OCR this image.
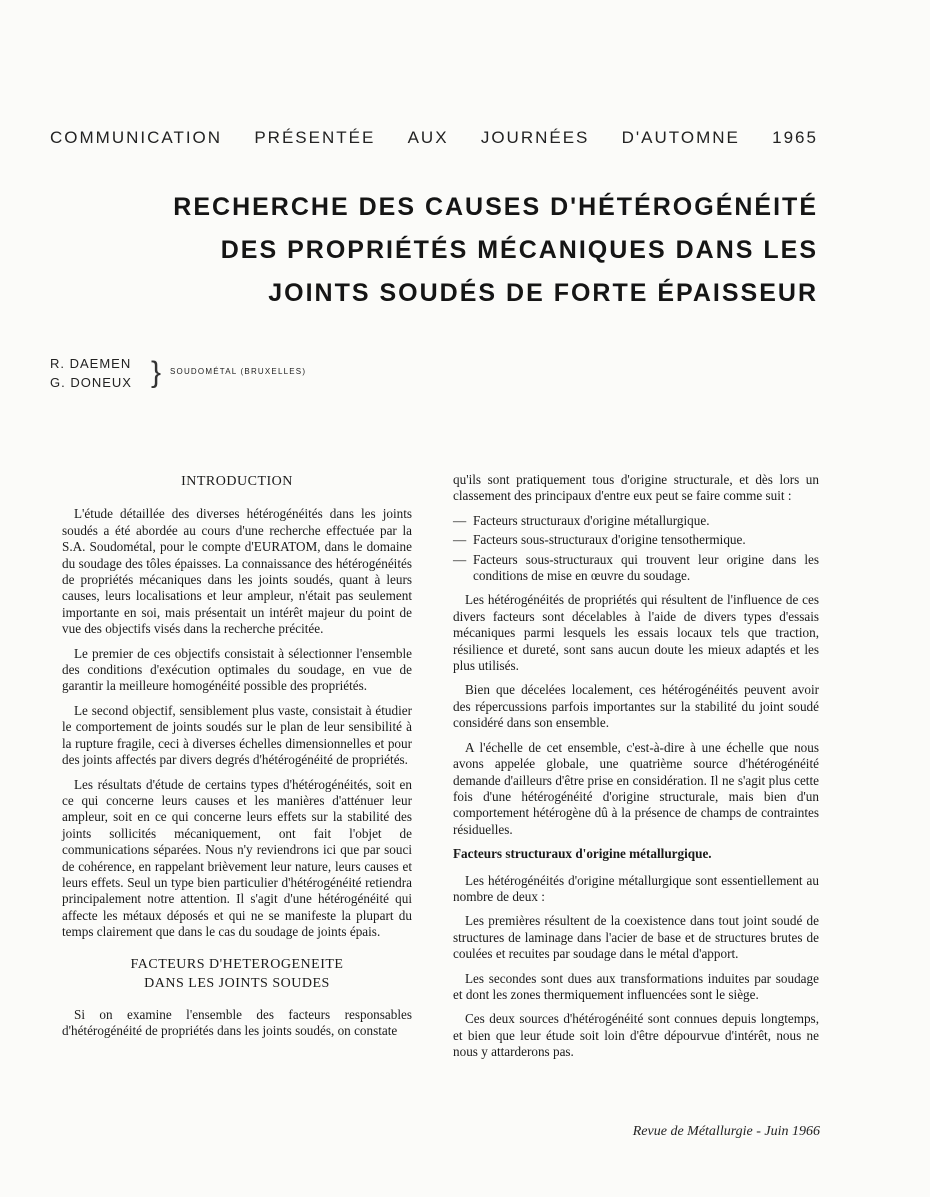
COMMUNICATION PRÉSENTÉE AUX JOURNÉES D'AUTOMNE 1965
RECHERCHE DES CAUSES D'HÉTÉROGÉNÉITÉ
DES PROPRIÉTÉS MÉCANIQUES DANS LES
JOINTS SOUDÉS DE FORTE ÉPAISSEUR
R. DAEMEN
G. DONEUX } SOUDOMÉTAL (BRUXELLES)
INTRODUCTION

L'étude détaillée des diverses hétérogénéités dans les joints soudés a été abordée au cours d'une recherche effectuée par la S.A. Soudométal, pour le compte d'EURATOM, dans le domaine du soudage des tôles épaisses. La connaissance des hétérogénéités de propriétés mécaniques dans les joints soudés, quant à leurs causes, leurs localisations et leur ampleur, n'était pas seulement importante en soi, mais présentait un intérêt majeur du point de vue des objectifs visés dans la recherche précitée.

Le premier de ces objectifs consistait à sélectionner l'ensemble des conditions d'exécution optimales du soudage, en vue de garantir la meilleure homogénéité possible des propriétés.

Le second objectif, sensiblement plus vaste, consistait à étudier le comportement de joints soudés sur le plan de leur sensibilité à la rupture fragile, ceci à diverses échelles dimensionnelles et pour des joints affectés par divers degrés d'hétérogénéité de propriétés.

Les résultats d'étude de certains types d'hétérogénéités, soit en ce qui concerne leurs causes et les manières d'atténuer leur ampleur, soit en ce qui concerne leurs effets sur la stabilité des joints sollicités mécaniquement, ont fait l'objet de communications séparées. Nous n'y reviendrons ici que par souci de cohérence, en rappelant brièvement leur nature, leurs causes et leurs effets. Seul un type bien particulier d'hétérogénéité retiendra principalement notre attention. Il s'agit d'une hétérogénéité qui affecte les métaux déposés et qui ne se manifeste la plupart du temps clairement que dans le cas du soudage de joints épais.

FACTEURS D'HETEROGENEITE
DANS LES JOINTS SOUDES

Si on examine l'ensemble des facteurs responsables d'hétérogénéité de propriétés dans les joints soudés, on constate

qu'ils sont pratiquement tous d'origine structurale, et dès lors un classement des principaux d'entre eux peut se faire comme suit :

— Facteurs structuraux d'origine métallurgique.
— Facteurs sous-structuraux d'origine tensothermique.
— Facteurs sous-structuraux qui trouvent leur origine dans les conditions de mise en œuvre du soudage.

Les hétérogénéités de propriétés qui résultent de l'influence de ces divers facteurs sont décelables à l'aide de divers types d'essais mécaniques parmi lesquels les essais locaux tels que traction, résilience et dureté, sont sans aucun doute les mieux adaptés et les plus utilisés.

Bien que décelées localement, ces hétérogénéités peuvent avoir des répercussions parfois importantes sur la stabilité du joint soudé considéré dans son ensemble.

A l'échelle de cet ensemble, c'est-à-dire à une échelle que nous avons appelée globale, une quatrième source d'hétérogénéité demande d'ailleurs d'être prise en considération. Il ne s'agit plus cette fois d'une hétérogénéité d'origine structurale, mais bien d'un comportement hétérogène dû à la présence de champs de contraintes résiduelles.

Facteurs structuraux d'origine métallurgique.

Les hétérogénéités d'origine métallurgique sont essentiellement au nombre de deux :

Les premières résultent de la coexistence dans tout joint soudé de structures de laminage dans l'acier de base et de structures brutes de coulées et recuites par soudage dans le métal d'apport.

Les secondes sont dues aux transformations induites par soudage et dont les zones thermiquement influencées sont le siège.

Ces deux sources d'hétérogénéité sont connues depuis longtemps, et bien que leur étude soit loin d'être dépourvue d'intérêt, nous ne nous y attarderons pas.

Revue de Métallurgie - Juin 1966
